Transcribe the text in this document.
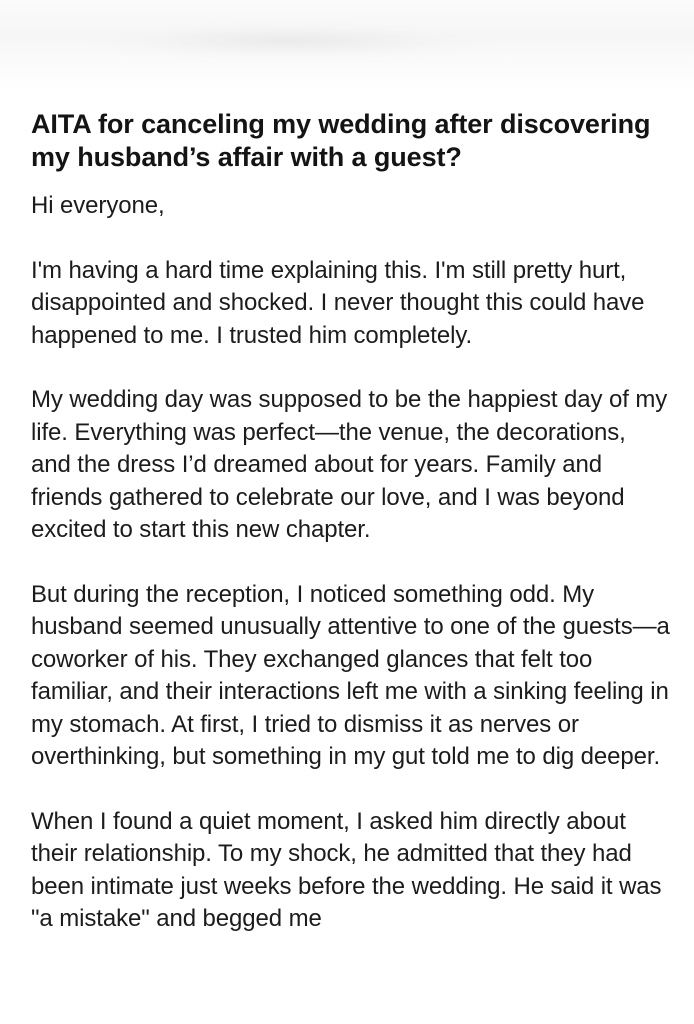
AITA for canceling my wedding after discovering my husband’s affair with a guest?

Hi everyone,

I'm having a hard time explaining this. I'm still pretty hurt, disappointed and shocked. I never thought this could have happened to me. I trusted him completely.

My wedding day was supposed to be the happiest day of my life. Everything was perfect—the venue, the decorations, and the dress I’d dreamed about for years. Family and friends gathered to celebrate our love, and I was beyond excited to start this new chapter.

But during the reception, I noticed something odd. My husband seemed unusually attentive to one of the guests—a coworker of his. They exchanged glances that felt too familiar, and their interactions left me with a sinking feeling in my stomach. At first, I tried to dismiss it as nerves or overthinking, but something in my gut told me to dig deeper.

When I found a quiet moment, I asked him directly about their relationship. To my shock, he admitted that they had been intimate just weeks before the wedding. He said it was "a mistake" and begged me
